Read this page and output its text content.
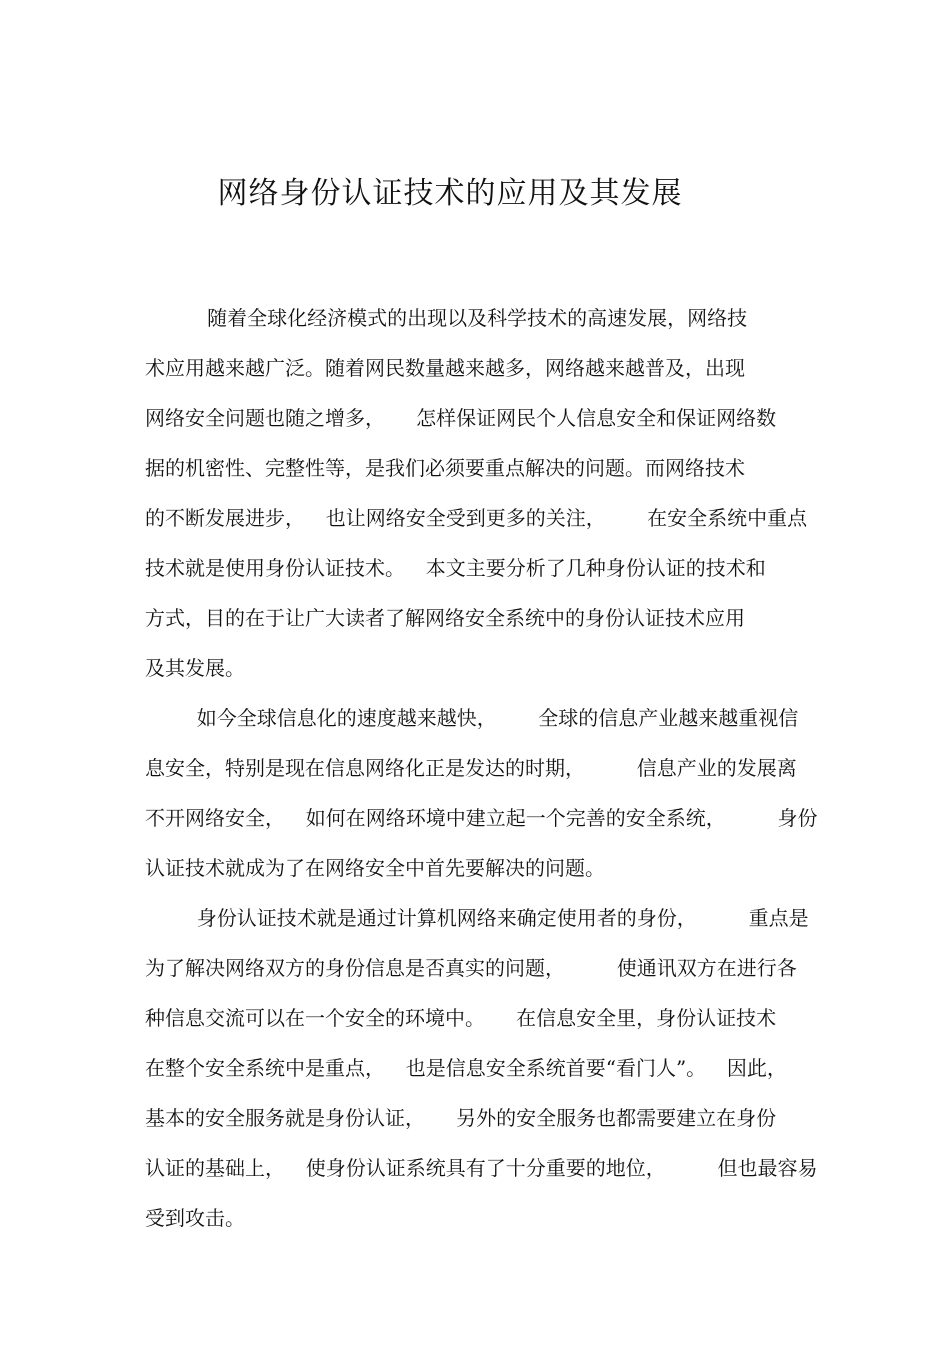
网络身份认证技术的应用及其发展
随着全球化经济模式的出现以及科学技术的高速发展，网络技
术应用越来越广泛。随着网民数量越来越多，网络越来越普及，出现
网络安全问题也随之增多，   怎样保证网民个人信息安全和保证网络数
据的机密性、完整性等，是我们必须要重点解决的问题。而网络技术
的不断发展进步，  也让网络安全受到更多的关注，    在安全系统中重点
技术就是使用身份认证技术。  本文主要分析了几种身份认证的技术和
方式，目的在于让广大读者了解网络安全系统中的身份认证技术应用
及其发展。
如今全球信息化的速度越来越快，    全球的信息产业越来越重视信
息安全，特别是现在信息网络化正是发达的时期，     信息产业的发展离
不开网络安全，  如何在网络环境中建立起一个完善的安全系统，     身份
认证技术就成为了在网络安全中首先要解决的问题。
身份认证技术就是通过计算机网络来确定使用者的身份，     重点是
为了解决网络双方的身份信息是否真实的问题，     使通讯双方在进行各
种信息交流可以在一个安全的环境中。   在信息安全里，身份认证技术
在整个安全系统中是重点，  也是信息安全系统首要“看门人”。  因此，
基本的安全服务就是身份认证，   另外的安全服务也都需要建立在身份
认证的基础上，  使身份认证系统具有了十分重要的地位，     但也最容易
受到攻击。
